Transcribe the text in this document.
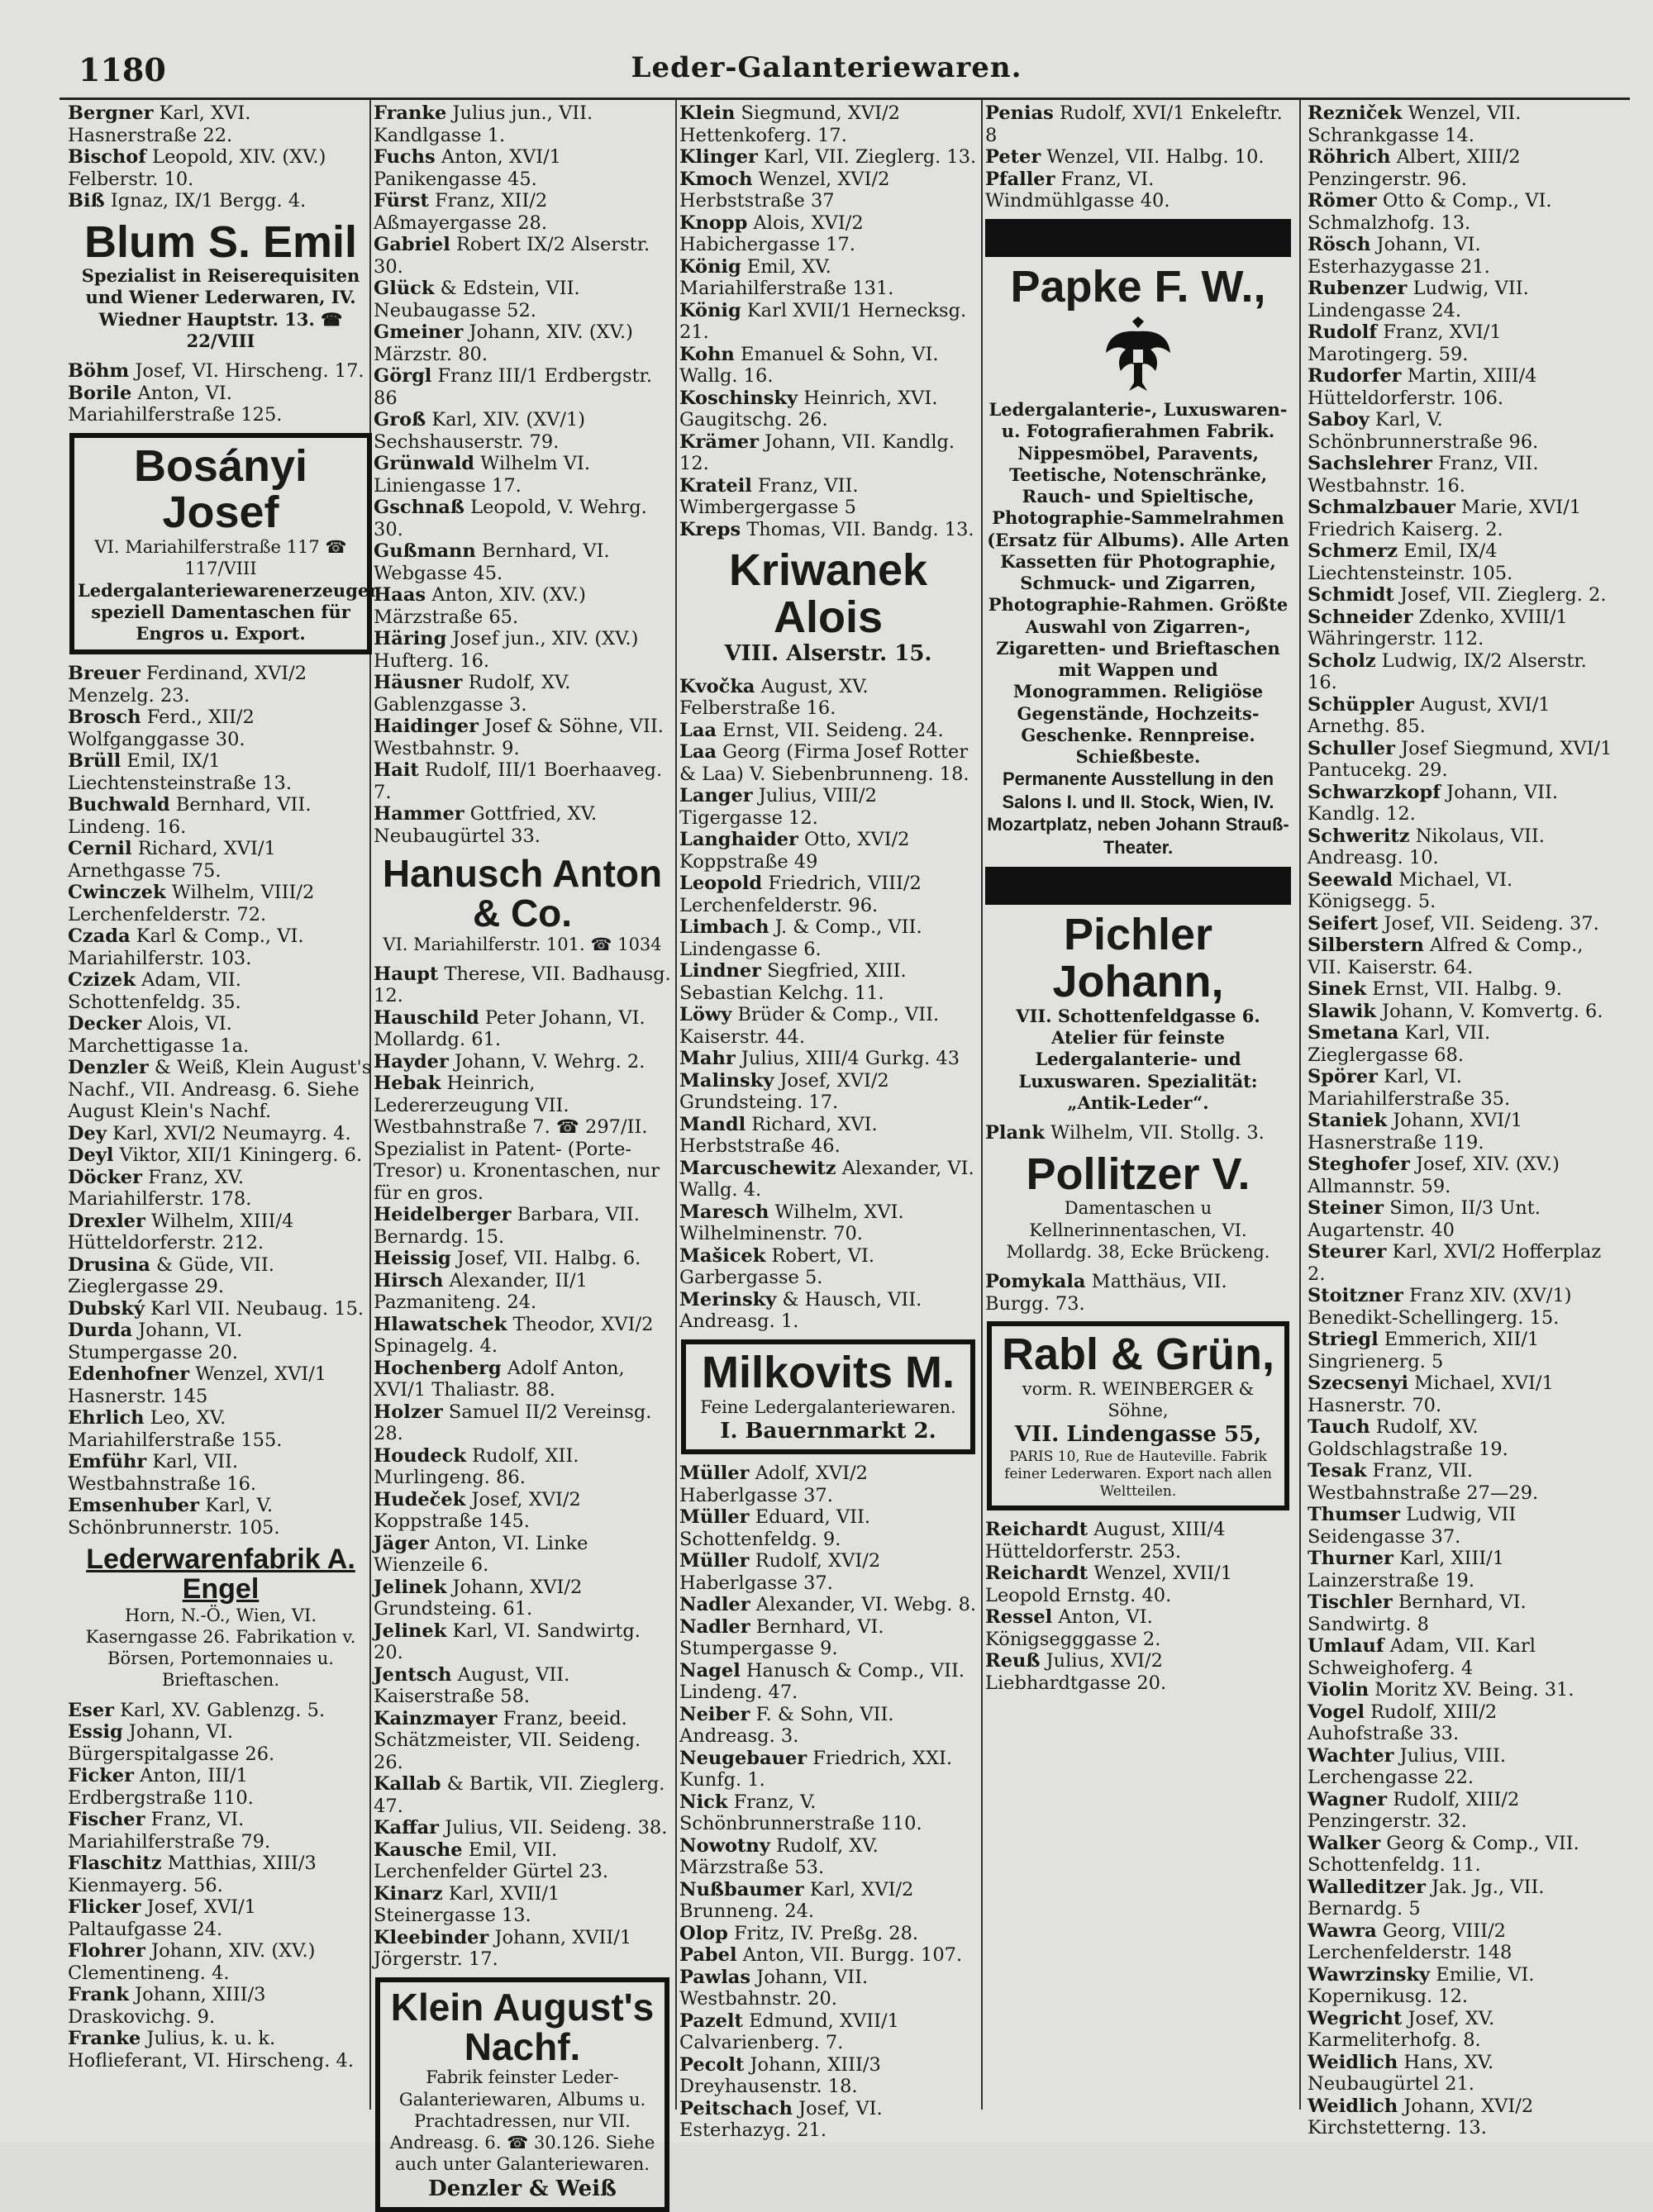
1180	Leder-Galanteriewaren.

Bergner Karl, XVI. Hasnerstraße 22.

Bischof Leopold, XIV. (XV.) Felberstr. 10.

Biß Ignaz, IX/1 Bergg. 4.

Blum S. Emil
Spezialist in Reiserequisiten und Wiener Lederwaren, IV. Wiedner Hauptstr. 13. ☎ 22/VIII

Böhm Josef, VI. Hirscheng. 17.

Borile Anton, VI. Mariahilferstraße 125.

Bosányi Josef
VI. Mariahilferstraße 117 ☎ 117/VIII
Ledergalanteriewarenerzeuger speziell Damentaschen für Engros u. Export.

Breuer Ferdinand, XVI/2 Menzelg. 23.

Brosch Ferd., XII/2 Wolfganggasse 30.

Brüll Emil, IX/1 Liechtensteinstraße 13.

Buchwald Bernhard, VII. Lindeng. 16.

Cernil Richard, XVI/1 Arnethgasse 75.

Cwinczek Wilhelm, VIII/2 Lerchenfelderstr. 72.

Czada Karl & Comp., VI. Mariahilferstr. 103.

Czizek Adam, VII. Schottenfeldg. 35.

Decker Alois, VI. Marchettigasse 1a.

Denzler & Weiß, Klein August's Nachf., VII. Andreasg. 6. Siehe August Klein's Nachf.

Dey Karl, XVI/2 Neumayrg. 4.

Deyl Viktor, XII/1 Kiningerg. 6.

Döcker Franz, XV. Mariahilferstr. 178.

Drexler Wilhelm, XIII/4 Hütteldorferstr. 212.

Drusina & Güde, VII. Zieglergasse 29.

Dubský Karl VII. Neubaug. 15.

Durda Johann, VI. Stumpergasse 20.

Edenhofner Wenzel, XVI/1 Hasnerstr. 145

Ehrlich Leo, XV. Mariahilferstraße 155.

Emführ Karl, VII. Westbahnstraße 16.

Emsenhuber Karl, V. Schönbrunnerstr. 105.

Lederwarenfabrik A. Engel
Horn, N.-Ö., Wien, VI. Kaserngasse 26. Fabrikation v. Börsen, Portemonnaies u. Brieftaschen.

Eser Karl, XV. Gablenzg. 5.

Essig Johann, VI. Bürgerspitalgasse 26.

Ficker Anton, III/1 Erdbergstraße 110.

Fischer Franz, VI. Mariahilferstraße 79.

Flaschitz Matthias, XIII/3 Kienmayerg. 56.

Flicker Josef, XVI/1 Paltaufgasse 24.

Flohrer Johann, XIV. (XV.) Clementineng. 4.

Frank Johann, XIII/3 Draskovichg. 9.

Franke Julius, k. u. k. Hoflieferant, VI. Hirscheng. 4.

Franke Julius jun., VII. Kandlgasse 1.

Fuchs Anton, XVI/1 Panikengasse 45.

Fürst Franz, XII/2 Aßmayergasse 28.

Gabriel Robert IX/2 Alserstr. 30.

Glück & Edstein, VII. Neubaugasse 52.

Gmeiner Johann, XIV. (XV.) Märzstr. 80.

Görgl Franz III/1 Erdbergstr. 86

Groß Karl, XIV. (XV/1) Sechshauserstr. 79.

Grünwald Wilhelm VI. Liniengasse 17.

Gschnaß Leopold, V. Wehrg. 30.

Gußmann Bernhard, VI. Webgasse 45.

Haas Anton, XIV. (XV.) Märzstraße 65.

Häring Josef jun., XIV. (XV.) Hufterg. 16.

Häusner Rudolf, XV. Gablenzgasse 3.

Haidinger Josef & Söhne, VII. Westbahnstr. 9.

Hait Rudolf, III/1 Boerhaaveg. 7.

Hammer Gottfried, XV. Neubaugürtel 33.

Hanusch Anton & Co.
VI. Mariahilferstr. 101. ☎ 1034

Haupt Therese, VII. Badhausg. 12.

Hauschild Peter Johann, VI. Mollardg. 61.

Hayder Johann, V. Wehrg. 2.

Hebak Heinrich, Ledererzeugung VII. Westbahnstraße 7. ☎ 297/II. Spezialist in Patent- (Porte-Tresor) u. Kronentaschen, nur für en gros.

Heidelberger Barbara, VII. Bernardg. 15.

Heissig Josef, VII. Halbg. 6.

Hirsch Alexander, II/1 Pazmaniteng. 24.

Hlawatschek Theodor, XVI/2 Spinagelg. 4.

Hochenberg Adolf Anton, XVI/1 Thaliastr. 88.

Holzer Samuel II/2 Vereinsg. 28.

Houdeck Rudolf, XII. Murlingeng. 86.

Hudeček Josef, XVI/2 Koppstraße 145.

Jäger Anton, VI. Linke Wienzeile 6.

Jelinek Johann, XVI/2 Grundsteing. 61.

Jelinek Karl, VI. Sandwirtg. 20.

Jentsch August, VII. Kaiserstraße 58.

Kainzmayer Franz, beeid. Schätzmeister, VII. Seideng. 26.

Kallab & Bartik, VII. Zieglerg. 47.

Kaffar Julius, VII. Seideng. 38.

Kausche Emil, VII. Lerchenfelder Gürtel 23.

Kinarz Karl, XVII/1 Steinergasse 13.

Kleebinder Johann, XVII/1 Jörgerstr. 17.

Klein August's Nachf.
Fabrik feinster Leder-Galanteriewaren, Albums u. Prachtadressen, nur VII. Andreasg. 6. ☎ 30.126. Siehe auch unter Galanteriewaren.
Denzler & Weiß

Klein Siegmund, XVI/2 Hettenkoferg. 17.

Klinger Karl, VII. Zieglerg. 13.

Kmoch Wenzel, XVI/2 Herbststraße 37

Knopp Alois, XVI/2 Habichergasse 17.

König Emil, XV. Mariahilferstraße 131.

König Karl XVII/1 Hernecksg. 21.

Kohn Emanuel & Sohn, VI. Wallg. 16.

Koschinsky Heinrich, XVI. Gaugitschg. 26.

Krämer Johann, VII. Kandlg. 12.

Krateil Franz, VII. Wimbergergasse 5

Kreps Thomas, VII. Bandg. 13.

Kriwanek Alois
VIII. Alserstr. 15.

Kvočka August, XV. Felberstraße 16.

Laa Ernst, VII. Seideng. 24.

Laa Georg (Firma Josef Rotter & Laa) V. Siebenbrunneng. 18.

Langer Julius, VIII/2 Tigergasse 12.

Langhaider Otto, XVI/2 Koppstraße 49

Leopold Friedrich, VIII/2 Lerchenfelderstr. 96.

Limbach J. & Comp., VII. Lindengasse 6.

Lindner Siegfried, XIII. Sebastian Kelchg. 11.

Löwy Brüder & Comp., VII. Kaiserstr. 44.

Mahr Julius, XIII/4 Gurkg. 43

Malinsky Josef, XVI/2 Grundsteing. 17.

Mandl Richard, XVI. Herbststraße 46.

Marcuschewitz Alexander, VI. Wallg. 4.

Maresch Wilhelm, XVI. Wilhelminenstr. 70.

Mašicek Robert, VI. Garbergasse 5.

Merinsky & Hausch, VII. Andreasg. 1.

Milkovits M.
Feine Ledergalanteriewaren.
I. Bauernmarkt 2.

Müller Adolf, XVI/2 Haberlgasse 37.

Müller Eduard, VII. Schottenfeldg. 9.

Müller Rudolf, XVI/2 Haberlgasse 37.

Nadler Alexander, VI. Webg. 8.

Nadler Bernhard, VI. Stumpergasse 9.

Nagel Hanusch & Comp., VII. Lindeng. 47.

Neiber F. & Sohn, VII. Andreasg. 3.

Neugebauer Friedrich, XXI. Kunfg. 1.

Nick Franz, V. Schönbrunnerstraße 110.

Nowotny Rudolf, XV. Märzstraße 53.

Nußbaumer Karl, XVI/2 Brunneng. 24.

Olop Fritz, IV. Preßg. 28.

Pabel Anton, VII. Burgg. 107.

Pawlas Johann, VII. Westbahnstr. 20.

Pazelt Edmund, XVII/1 Calvarienberg. 7.

Pecolt Johann, XIII/3 Dreyhausenstr. 18.

Peitschach Josef, VI. Esterhazyg. 21.

Penias Rudolf, XVI/1 Enkeleftr. 8

Peter Wenzel, VII. Halbg. 10.

Pfaller Franz, VI. Windmühlgasse 40.

Papke F. W.,
Ledergalanterie-, Luxuswaren- u. Fotografierahmen Fabrik. Nippesmöbel, Paravents, Teetische, Notenschränke, Rauch- und Spieltische, Photographie-Sammelrahmen (Ersatz für Albums). Alle Arten Kassetten für Photographie, Schmuck- und Zigarren, Photographie-Rahmen. Größte Auswahl von Zigarren-, Zigaretten- und Brieftaschen mit Wappen und Monogrammen. Religiöse Gegenstände, Hochzeits-Geschenke. Rennpreise. Schießbeste.
Permanente Ausstellung in den Salons I. und II. Stock, Wien, IV. Mozartplatz, neben Johann Strauß-Theater.
Pichler Johann,
VII. Schottenfeldgasse 6. Atelier für feinste Ledergalanterie- und Luxuswaren. Spezialität: „Antik-Leder“.

Plank Wilhelm, VII. Stollg. 3.

Pollitzer V.
Damentaschen u Kellnerinnentaschen, VI. Mollardg. 38, Ecke Brückeng.

Pomykala Matthäus, VII. Burgg. 73.

Rabl & Grün,
vorm. R. WEINBERGER & Söhne,
VII. Lindengasse 55,
PARIS 10, Rue de Hauteville. Fabrik feiner Lederwaren. Export nach allen Weltteilen.

Reichardt August, XIII/4 Hütteldorferstr. 253.

Reichardt Wenzel, XVII/1 Leopold Ernstg. 40.

Ressel Anton, VI. Königsegggasse 2.

Reuß Julius, XVI/2 Liebhardtgasse 20.

Rezniček Wenzel, VII. Schrankgasse 14.

Röhrich Albert, XIII/2 Penzingerstr. 96.

Römer Otto & Comp., VI. Schmalzhofg. 13.

Rösch Johann, VI. Esterhazygasse 21.

Rubenzer Ludwig, VII. Lindengasse 24.

Rudolf Franz, XVI/1 Marotingerg. 59.

Rudorfer Martin, XIII/4 Hütteldorferstr. 106.

Saboy Karl, V. Schönbrunnerstraße 96.

Sachslehrer Franz, VII. Westbahnstr. 16.

Schmalzbauer Marie, XVI/1 Friedrich Kaiserg. 2.

Schmerz Emil, IX/4 Liechtensteinstr. 105.

Schmidt Josef, VII. Zieglerg. 2.

Schneider Zdenko, XVIII/1 Währingerstr. 112.

Scholz Ludwig, IX/2 Alserstr. 16.

Schüppler August, XVI/1 Arnethg. 85.

Schuller Josef Siegmund, XVI/1 Pantucekg. 29.

Schwarzkopf Johann, VII. Kandlg. 12.

Schweritz Nikolaus, VII. Andreasg. 10.

Seewald Michael, VI. Königsegg. 5.

Seifert Josef, VII. Seideng. 37.

Silberstern Alfred & Comp., VII. Kaiserstr. 64.

Sinek Ernst, VII. Halbg. 9.

Slawik Johann, V. Komvertg. 6.

Smetana Karl, VII. Zieglergasse 68.

Spörer Karl, VI. Mariahilferstraße 35.

Staniek Johann, XVI/1 Hasnerstraße 119.

Steghofer Josef, XIV. (XV.) Allmannstr. 59.

Steiner Simon, II/3 Unt. Augartenstr. 40

Steurer Karl, XVI/2 Hofferplaz 2.

Stoitzner Franz XIV. (XV/1) Benedikt-Schellingerg. 15.

Striegl Emmerich, XII/1 Singrienerg. 5

Szecsenyi Michael, XVI/1 Hasnerstr. 70.

Tauch Rudolf, XV. Goldschlagstraße 19.

Tesak Franz, VII. Westbahnstraße 27—29.

Thumser Ludwig, VII Seidengasse 37.

Thurner Karl, XIII/1 Lainzerstraße 19.

Tischler Bernhard, VI. Sandwirtg. 8

Umlauf Adam, VII. Karl Schweighoferg. 4

Violin Moritz XV. Being. 31.

Vogel Rudolf, XIII/2 Auhofstraße 33.

Wachter Julius, VIII. Lerchengasse 22.

Wagner Rudolf, XIII/2 Penzingerstr. 32.

Walker Georg & Comp., VII. Schottenfeldg. 11.

Walleditzer Jak. Jg., VII. Bernardg. 5

Wawra Georg, VIII/2 Lerchenfelderstr. 148

Wawrzinsky Emilie, VI. Kopernikusg. 12.

Wegricht Josef, XV. Karmeliterhofg. 8.

Weidlich Hans, XV. Neubaugürtel 21.

Weidlich Johann, XVI/2 Kirchstetterng. 13.
